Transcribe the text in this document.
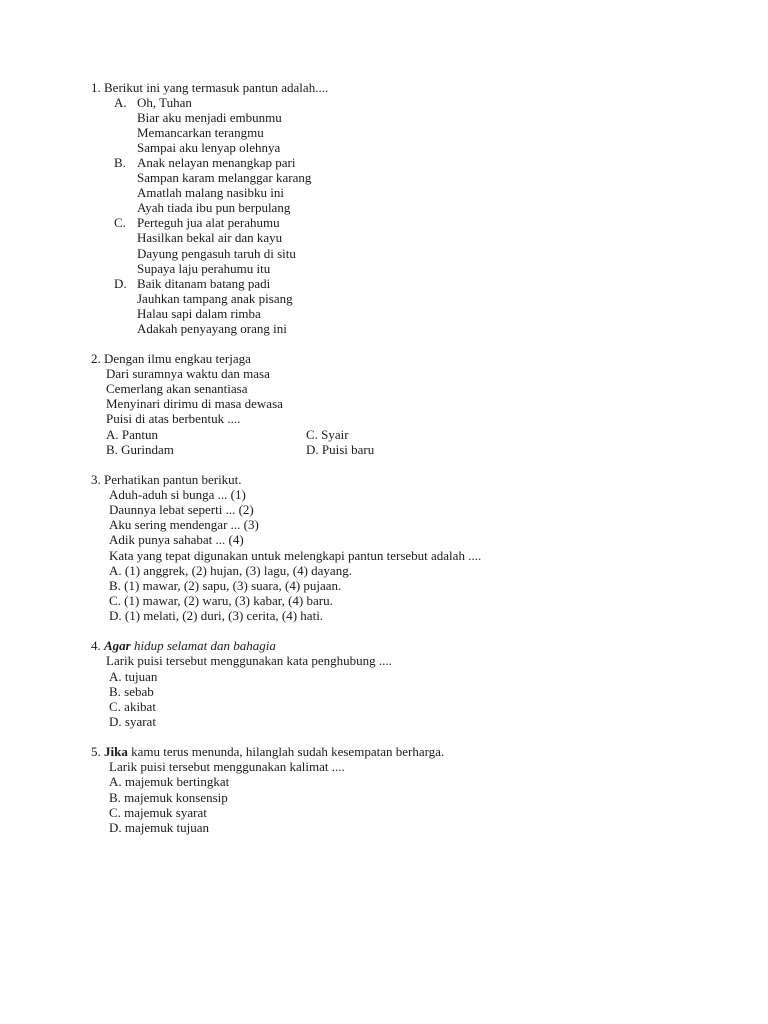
1. Berikut ini yang termasuk pantun adalah....
A. Oh, Tuhan
Biar aku menjadi embunmu
Memancarkan terangmu
Sampai aku lenyap olehnya
B. Anak nelayan menangkap pari
Sampan karam melanggar karang
Amatlah malang nasibku ini
Ayah tiada ibu pun berpulang
C. Perteguh jua alat perahumu
Hasilkan bekal air dan kayu
Dayung pengasuh taruh di situ
Supaya laju perahumu itu
D. Baik ditanam batang padi
Jauhkan tampang anak pisang
Halau sapi dalam rimba
Adakah penyayang orang ini
2. Dengan ilmu engkau terjaga
Dari suramnya waktu dan masa
Cemerlang akan senantiasa
Menyinari dirimu di masa dewasa
Puisi di atas berbentuk ....
A. Pantun	C. Syair
B. Gurindam	D. Puisi baru
3. Perhatikan pantun berikut.
Aduh-aduh si bunga ... (1)
Daunnya lebat seperti ... (2)
Aku sering mendengar ... (3)
Adik punya sahabat ... (4)
Kata yang tepat digunakan untuk melengkapi pantun tersebut adalah ....
A. (1) anggrek, (2) hujan, (3) lagu, (4) dayang.
B. (1) mawar, (2) sapu, (3) suara, (4) pujaan.
C. (1) mawar, (2) waru, (3) kabar, (4) baru.
D. (1) melati, (2) duri, (3) cerita, (4) hati.
4. Agar hidup selamat dan bahagia
Larik puisi tersebut menggunakan kata penghubung ....
A. tujuan
B. sebab
C. akibat
D. syarat
5. Jika kamu terus menunda, hilanglah sudah kesempatan berharga.
Larik puisi tersebut menggunakan kalimat ....
A. majemuk bertingkat
B. majemuk konsensip
C. majemuk syarat
D. majemuk tujuan
